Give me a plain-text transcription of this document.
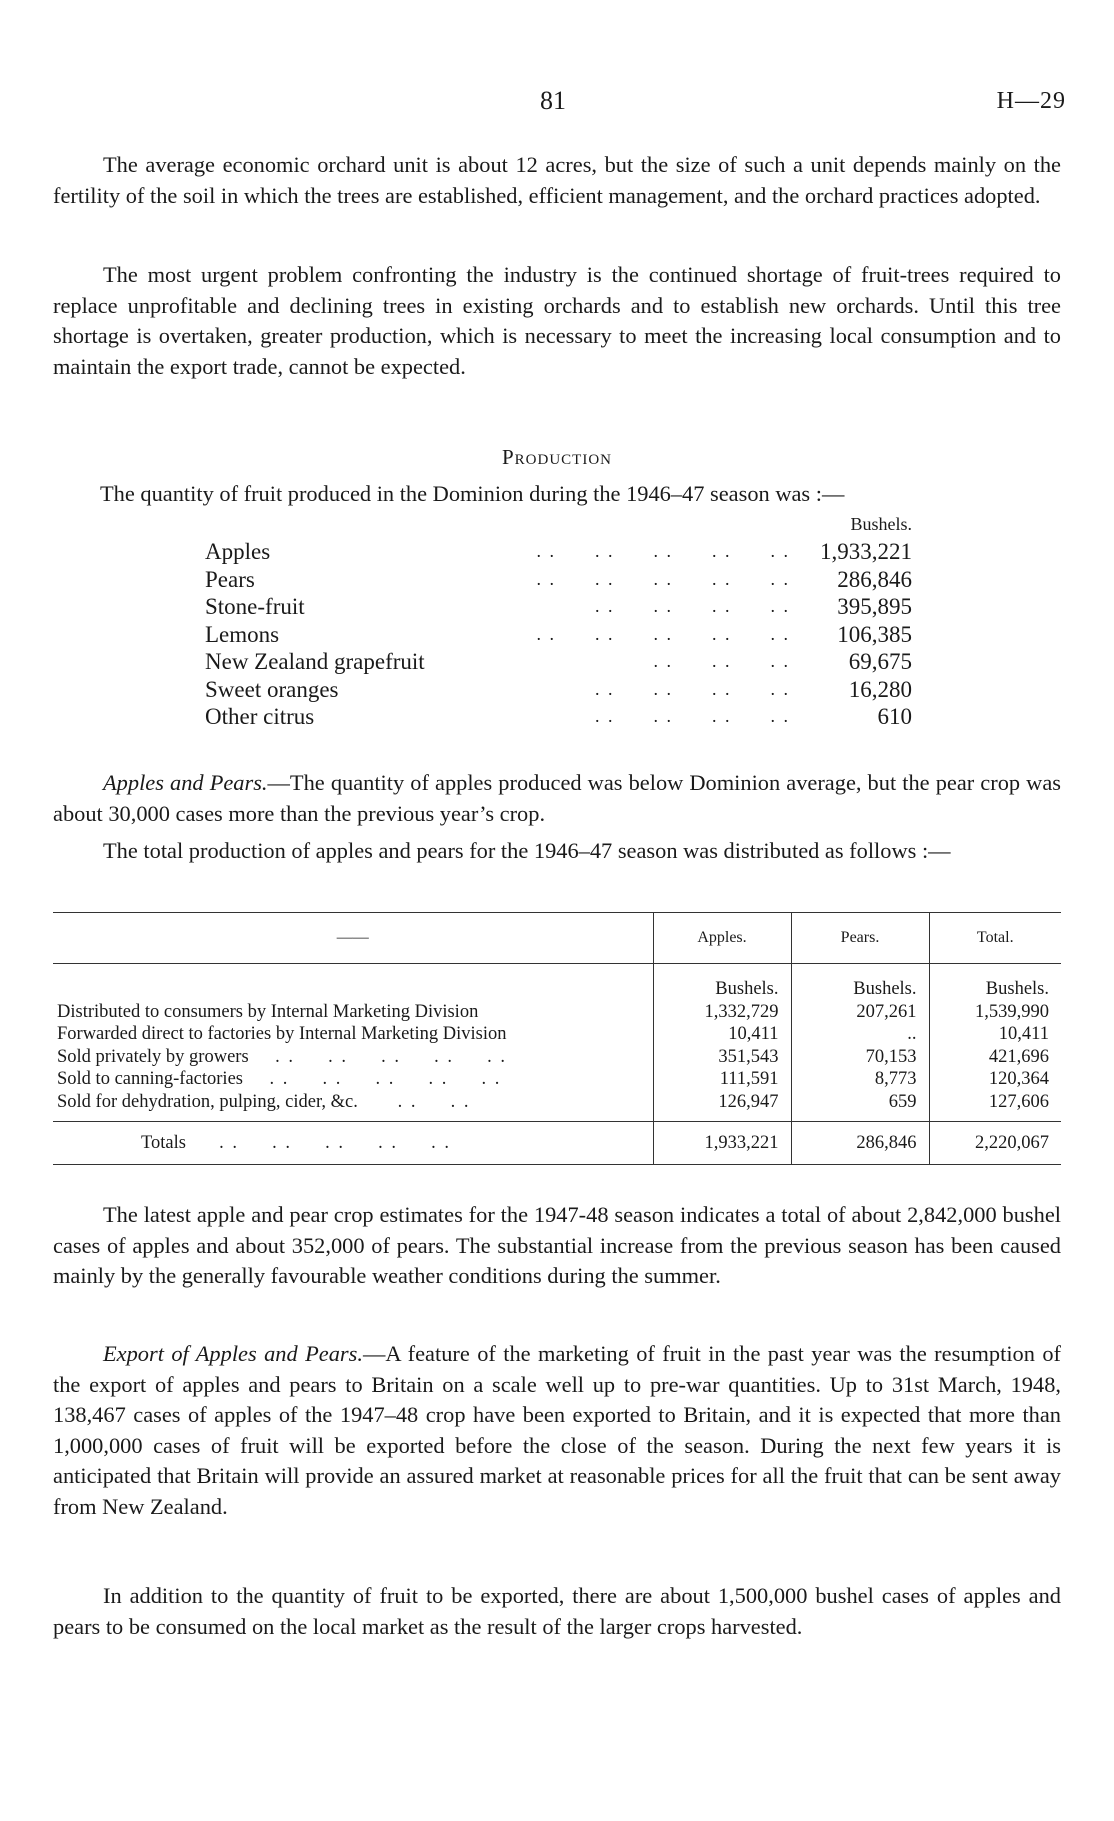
81	H—29

The average economic orchard unit is about 12 acres, but the size of such a unit depends mainly on the fertility of the soil in which the trees are established, efficient management, and the orchard practices adopted.

The most urgent problem confronting the industry is the continued shortage of fruit-trees required to replace unprofitable and declining trees in existing orchards and to establish new orchards. Until this tree shortage is overtaken, greater production, which is necessary to meet the increasing local consumption and to maintain the export trade, cannot be expected.

Production
The quantity of fruit produced in the Dominion during the 1946–47 season was :—
Bushels.
. .      . .      . .      . .      . .
Apples	1,933,221
. .      . .      . .      . .      . .
Pears	286,846
. .      . .      . .      . .
Stone-fruit	395,895
. .      . .      . .      . .      . .
Lemons	106,385
. .      . .      . .
New Zealand grapefruit	69,675
. .      . .      . .      . .
Sweet oranges	16,280
. .      . .      . .      . .
Other citrus	610

Apples and Pears.—The quantity of apples produced was below Dominion average, but the pear crop was about 30,000 cases more than the previous year’s crop.

The total production of apples and pears for the 1946–47 season was distributed as follows :—

——	Apples.	Pears.	Total.
	Bushels.	Bushels.	Bushels.
Distributed to consumers by Internal Marketing Division	1,332,729	207,261	1,539,990
Forwarded direct to factories by Internal Marketing Division	10,411	..	10,411
Sold privately by growers    . .     . .     . .     . .     . .	351,543	70,153	421,696
Sold to canning-factories    . .     . .     . .     . .     . .	111,591	8,773	120,364
Sold for dehydration, pulping, cider, &c.      . .     . .	126,947	659	127,606
Totals     . .     . .     . .     . .     . .	1,933,221	286,846	2,220,067

The latest apple and pear crop estimates for the 1947-48 season indicates a total of about 2,842,000 bushel cases of apples and about 352,000 of pears. The substantial increase from the previous season has been caused mainly by the generally favourable weather conditions during the summer.

Export of Apples and Pears.—A feature of the marketing of fruit in the past year was the resumption of the export of apples and pears to Britain on a scale well up to pre-war quantities. Up to 31st March, 1948, 138,467 cases of apples of the 1947–48 crop have been exported to Britain, and it is expected that more than 1,000,000 cases of fruit will be exported before the close of the season. During the next few years it is anticipated that Britain will provide an assured market at reasonable prices for all the fruit that can be sent away from New Zealand.

In addition to the quantity of fruit to be exported, there are about 1,500,000 bushel cases of apples and pears to be consumed on the local market as the result of the larger crops harvested.
